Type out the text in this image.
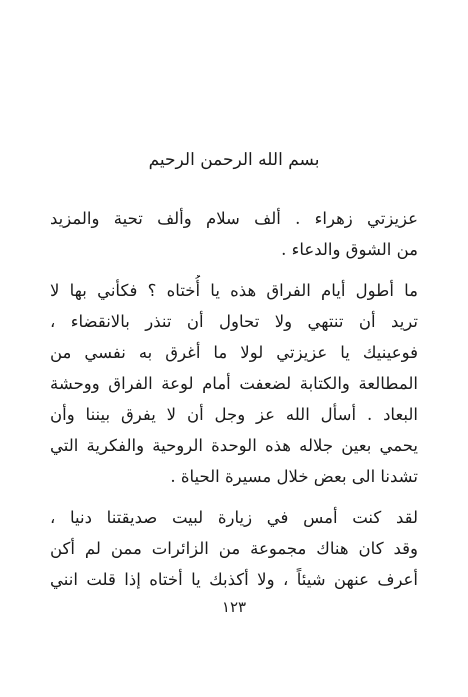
بسم الله الرحمن الرحيم
عزيزتي زهراء . ألف سلام وألف تحية والمزيد
من الشوق والدعاء .
ما أطول أيام الفراق هذه يا أُختاه ؟ فكأني بها لا
تريد أن تنتهي ولا تحاول أن تنذر بالانقضاء ،
فوعينيك يا عزيزتي لولا ما أغرق به نفسي من
المطالعة والكتابة لضعفت أمام لوعة الفراق ووحشة
البعاد . أسأل الله عز وجل أن لا يفرق بيننا وأن
يحمي بعين جلاله هذه الوحدة الروحية والفكرية التي
تشدنا الى بعض خلال مسيرة الحياة .
لقد كنت أمس في زيارة لبيت صديقتنا دنيا ،
وقد كان هناك مجموعة من الزائرات ممن لم أكن
أعرف عنهن شيئاً ، ولا أكذبك يا أختاه إذا قلت انني
١٢٣
